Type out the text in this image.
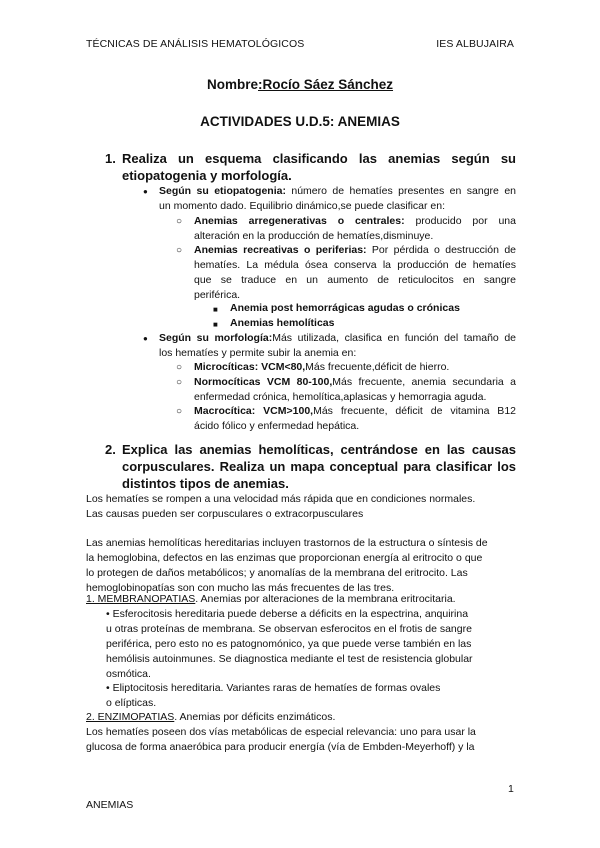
TÉCNICAS DE ANÁLISIS HEMATOLÓGICOS	IES ALBUJAIRA
Nombre:Rocío Sáez Sánchez
ACTIVIDADES U.D.5: ANEMIAS
1. Realiza un esquema clasificando las anemias según su
etiopatogenia y morfología.
● Según su etiopatogenia: número de hematíes presentes en sangre en
un momento dado. Equilibrio dinámico,se puede clasificar en:
○ Anemias arregenerativas o centrales: producido por una
alteración en la producción de hematíes,disminuye.
○ Anemias recreativas o periferias: Por pérdida o destrucción de
hematíes. La médula ósea conserva la producción de hematíes
que se traduce en un aumento de reticulocitos en sangre
periférica.
■ Anemia post hemorrágicas agudas o crónicas
■ Anemias hemolíticas
● Según su morfología:Más utilizada, clasifica en función del tamaño de
los hematíes y permite subir la anemia en:
○ Microcíticas: VCM<80,Más frecuente,déficit de hierro.
○ Normocíticas VCM 80-100,Más frecuente, anemia secundaria a
enfermedad crónica, hemolítica,aplasicas y hemorragia aguda.
○ Macrocítica: VCM>100,Más frecuente, déficit de vitamina B12
ácido fólico y enfermedad hepática.
2. Explica las anemias hemolíticas, centrándose en las causas
corpusculares. Realiza un mapa conceptual para clasificar los
distintos tipos de anemias.
Los hematíes se rompen a una velocidad más rápida que en condiciones normales.
Las causas pueden ser corpusculares o extracorpusculares
Las anemias hemolíticas hereditarias incluyen trastornos de la estructura o síntesis de
la hemoglobina, defectos en las enzimas que proporcionan energía al eritrocito o que
lo protegen de daños metabólicos; y anomalías de la membrana del eritrocito. Las
hemoglobinopatías son con mucho las más frecuentes de las tres.
1. MEMBRANOPATIAS. Anemias por alteraciones de la membrana eritrocitaria.
• Esferocitosis hereditaria puede deberse a déficits en la espectrina, anquirina
u otras proteínas de membrana. Se observan esferocitos en el frotis de sangre
periférica, pero esto no es patognomónico, ya que puede verse también en las
hemólisis autoinmunes. Se diagnostica mediante el test de resistencia globular
osmótica.
• Eliptocitosis hereditaria. Variantes raras de hematíes de formas ovales
o elípticas.
2. ENZIMOPATIAS. Anemias por déficits enzimáticos.
Los hematíes poseen dos vías metabólicas de especial relevancia: uno para usar la
glucosa de forma anaeróbica para producir energía (vía de Embden-Meyerhoff) y la
1
ANEMIAS
